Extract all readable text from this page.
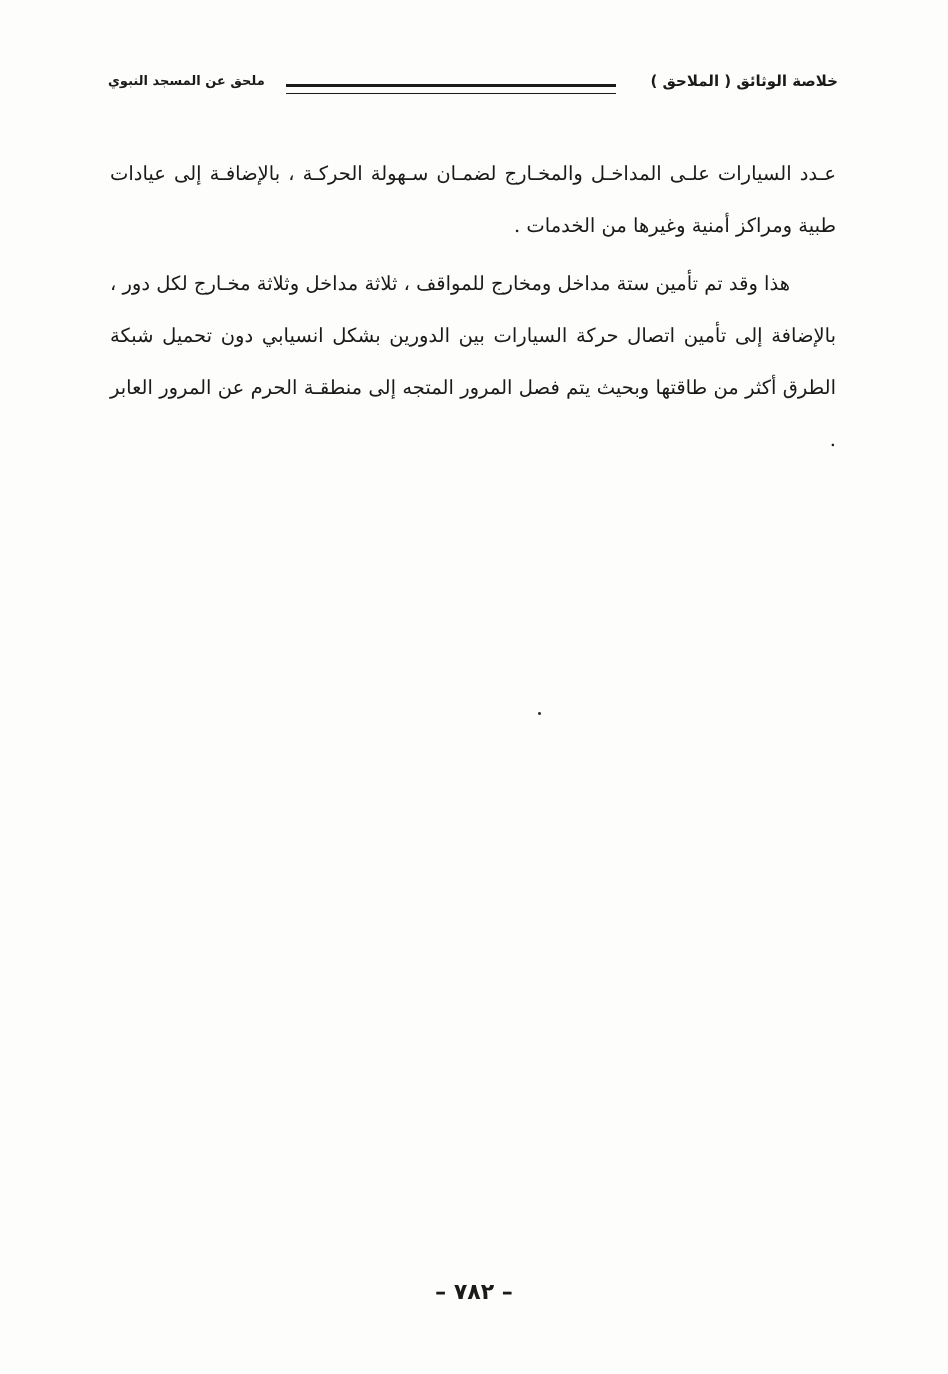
خلاصة الوثائق ( الملاحق )
ملحق عن المسجد النبوي

عـدد السيارات علـى المداخـل والمخـارج لضمـان سـهولة الحركـة ، بالإضافـة إلى عيادات طبية ومراكز أمنية وغيرها من الخدمات .

هذا وقد تم تأمين ستة مداخل ومخارج للمواقف ، ثلاثة مداخل وثلاثة مخـارج لكل دور ، بالإضافة إلى تأمين اتصال حركة السيارات بين الدورين بشكل انسيابي دون تحميل شبكة الطرق أكثر من طاقتها وبحيث يتم فصل المرور المتجه إلى منطقـة الحرم عن المرور العابر .

– ٧٨٢ –
